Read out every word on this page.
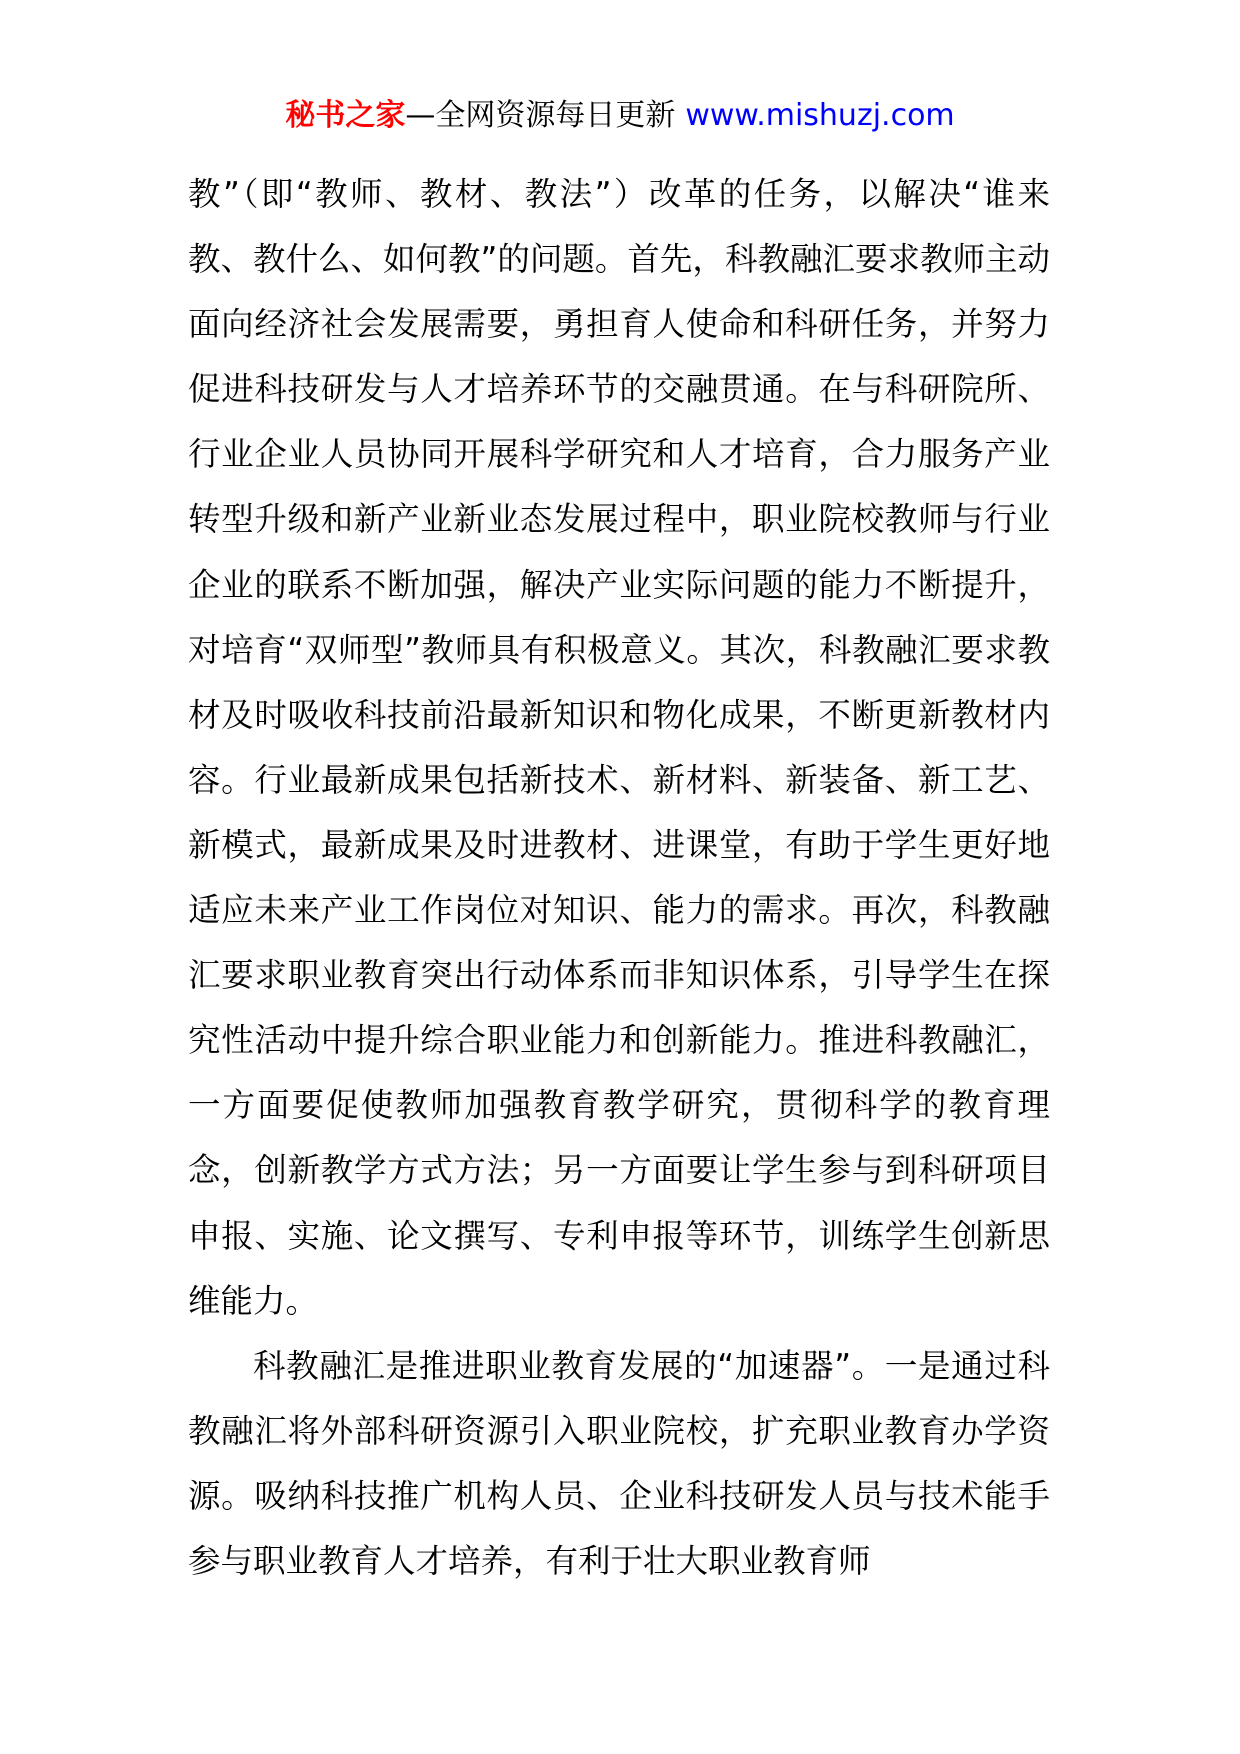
秘书之家—全网资源每日更新 www.mishuzj.com

教”（即“教师、教材、教法”）改革的任务，以解决“谁来教、教什么、如何教”的问题。首先，科教融汇要求教师主动面向经济社会发展需要，勇担育人使命和科研任务，并努力促进科技研发与人才培养环节的交融贯通。在与科研院所、行业企业人员协同开展科学研究和人才培育，合力服务产业转型升级和新产业新业态发展过程中，职业院校教师与行业企业的联系不断加强，解决产业实际问题的能力不断提升，对培育“双师型”教师具有积极意义。其次，科教融汇要求教材及时吸收科技前沿最新知识和物化成果，不断更新教材内容。行业最新成果包括新技术、新材料、新装备、新工艺、新模式，最新成果及时进教材、进课堂，有助于学生更好地适应未来产业工作岗位对知识、能力的需求。再次，科教融汇要求职业教育突出行动体系而非知识体系，引导学生在探究性活动中提升综合职业能力和创新能力。推进科教融汇，一方面要促使教师加强教育教学研究，贯彻科学的教育理念，创新教学方式方法；另一方面要让学生参与到科研项目申报、实施、论文撰写、专利申报等环节，训练学生创新思维能力。

科教融汇是推进职业教育发展的“加速器”。一是通过科教融汇将外部科研资源引入职业院校，扩充职业教育办学资源。吸纳科技推广机构人员、企业科技研发人员与技术能手参与职业教育人才培养，有利于壮大职业教育师
